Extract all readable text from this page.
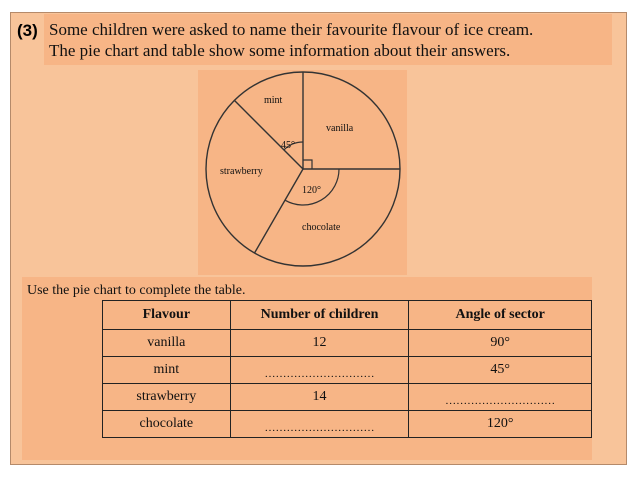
(3) Some children were asked to name their favourite flavour of ice cream.
The pie chart and table show some information about their answers.
mint
vanilla
strawberry
chocolate
45°
120°
Use the pie chart to complete the table.
Flavour	Number of children	Angle of sector
vanilla	12	90°
mint	$_{\dots\dots\dots\dots\dots\dots\dots\dots\dots\dots}$	45°
strawberry	14	$_{\dots\dots\dots\dots\dots\dots\dots\dots\dots\dots}$
chocolate	$_{\dots\dots\dots\dots\dots\dots\dots\dots\dots\dots}$	120°
